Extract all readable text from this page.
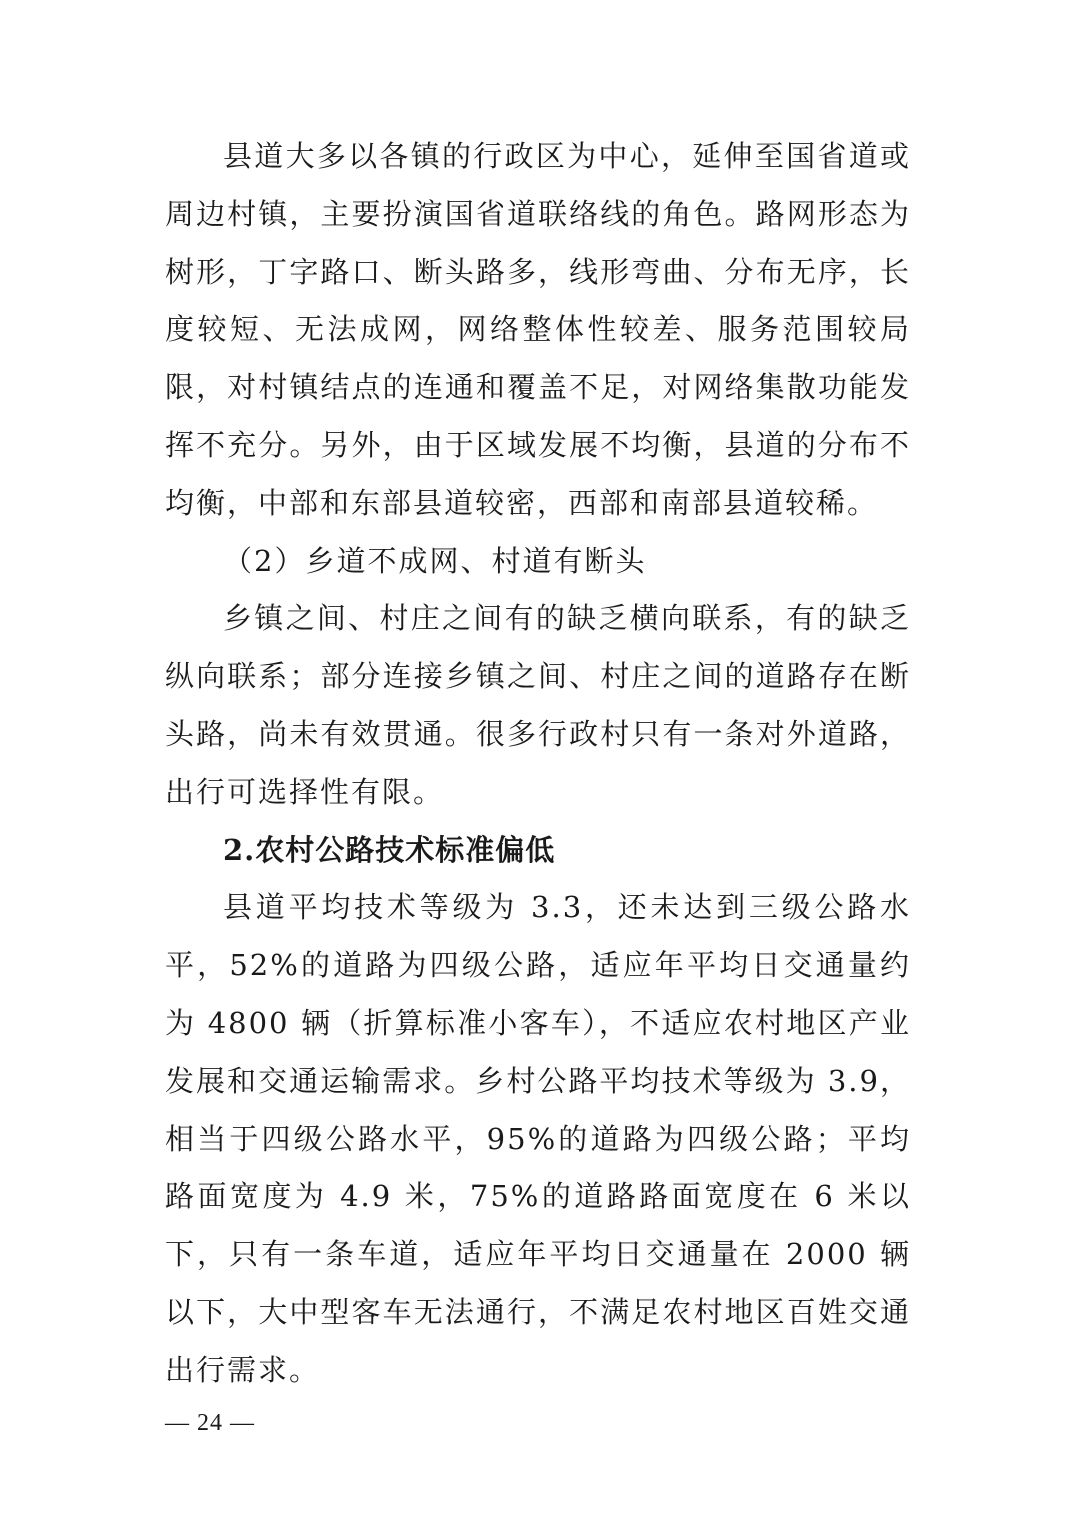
县道大多以各镇的行政区为中心，延伸至国省道或周边村镇，主要扮演国省道联络线的角色。路网形态为树形，丁字路口、断头路多，线形弯曲、分布无序，长度较短、无法成网，网络整体性较差、服务范围较局限，对村镇结点的连通和覆盖不足，对网络集散功能发挥不充分。另外，由于区域发展不均衡，县道的分布不均衡，中部和东部县道较密，西部和南部县道较稀。

（2）乡道不成网、村道有断头

乡镇之间、村庄之间有的缺乏横向联系，有的缺乏纵向联系；部分连接乡镇之间、村庄之间的道路存在断头路，尚未有效贯通。很多行政村只有一条对外道路，出行可选择性有限。

2.农村公路技术标准偏低

县道平均技术等级为 3.3，还未达到三级公路水平，52%的道路为四级公路，适应年平均日交通量约为 4800 辆（折算标准小客车），不适应农村地区产业发展和交通运输需求。乡村公路平均技术等级为 3.9，相当于四级公路水平，95%的道路为四级公路；平均路面宽度为 4.9 米，75%的道路路面宽度在 6 米以下，只有一条车道，适应年平均日交通量在 2000 辆以下，大中型客车无法通行，不满足农村地区百姓交通出行需求。

— 24 —
